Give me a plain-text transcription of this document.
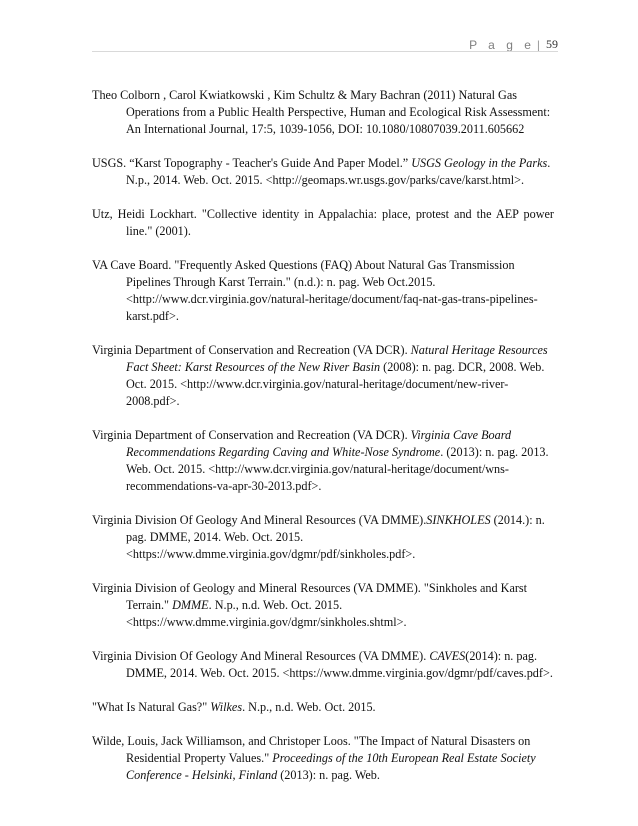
P a g e | 59

Theo Colborn , Carol Kwiatkowski , Kim Schultz & Mary Bachran (2011) Natural Gas Operations from a Public Health Perspective, Human and Ecological Risk Assessment: An International Journal, 17:5, 1039-1056, DOI: 10.1080/10807039.2011.605662

USGS. “Karst Topography - Teacher's Guide And Paper Model.” USGS Geology in the Parks. N.p., 2014. Web. Oct. 2015. <http://geomaps.wr.usgs.gov/parks/cave/karst.html>.

Utz, Heidi Lockhart. "Collective identity in Appalachia: place, protest and the AEP power line." (2001).

VA Cave Board. "Frequently Asked Questions (FAQ) About Natural Gas Transmission Pipelines Through Karst Terrain." (n.d.): n. pag. Web Oct.2015.<http://www.dcr.virginia.gov/natural-heritage/document/faq-nat-gas-trans-pipelines-karst.pdf>.

Virginia Department of Conservation and Recreation (VA DCR). Natural Heritage Resources Fact Sheet: Karst Resources of the New River Basin (2008): n. pag. DCR, 2008. Web. Oct. 2015. <http://www.dcr.virginia.gov/natural-heritage/document/new-river-2008.pdf>.

Virginia Department of Conservation and Recreation (VA DCR). Virginia Cave Board Recommendations Regarding Caving and White-Nose Syndrome. (2013): n. pag. 2013. Web. Oct. 2015. <http://www.dcr.virginia.gov/natural-heritage/document/wns-recommendations-va-apr-30-2013.pdf>.

Virginia Division Of Geology And Mineral Resources (VA DMME).SINKHOLES (2014.): n. pag. DMME, 2014. Web. Oct. 2015. <https://www.dmme.virginia.gov/dgmr/pdf/sinkholes.pdf>.

Virginia Division of Geology and Mineral Resources (VA DMME). "Sinkholes and Karst Terrain." DMME. N.p., n.d. Web. Oct. 2015. <https://www.dmme.virginia.gov/dgmr/sinkholes.shtml>.

Virginia Division Of Geology And Mineral Resources (VA DMME). CAVES(2014): n. pag. DMME, 2014. Web. Oct. 2015. <https://www.dmme.virginia.gov/dgmr/pdf/caves.pdf>.

"What Is Natural Gas?" Wilkes. N.p., n.d. Web. Oct. 2015.

Wilde, Louis, Jack Williamson, and Christoper Loos. "The Impact of Natural Disasters on Residential Property Values." Proceedings of the 10th European Real Estate Society Conference - Helsinki, Finland (2013): n. pag. Web.
